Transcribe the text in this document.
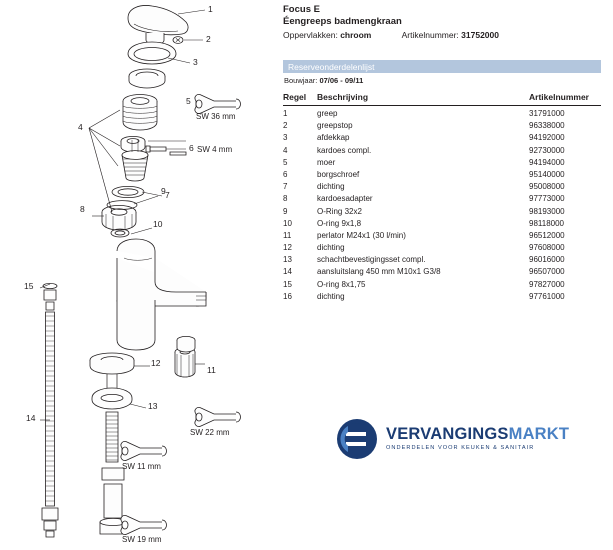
1
2
3
4
5
6
7
8
9
10
11
12
13
14
15
SW 36 mm
SW 4 mm
SW 22 mm
SW 11 mm
SW 19 mm
Focus E
Éengreeps badmengkraan
Oppervlakken: chroom	Artikelnummer: 31752000
Reserveonderdelenlijst
Bouwjaar: 07/06 - 09/11
Regel	Beschrijving	Artikelnummer
1	greep	31791000
2	greepstop	96338000
3	afdekkap	94192000
4	kardoes compl.	92730000
5	moer	94194000
6	borgschroef	95140000
7	dichting	95008000
8	kardoesadapter	97773000
9	O-Ring 32x2	98193000
10	O-ring 9x1,8	98118000
11	perlator M24x1 (30 l/min)	96512000
12	dichting	97608000
13	schachtbevestigingsset compl.	96016000
14	aansluitslang 450 mm M10x1 G3/8	96507000
15	O-ring 8x1,75	97827000
16	dichting	97761000
VERVANGINGSMARKT
ONDERDELEN VOOR KEUKEN & SANITAIR
